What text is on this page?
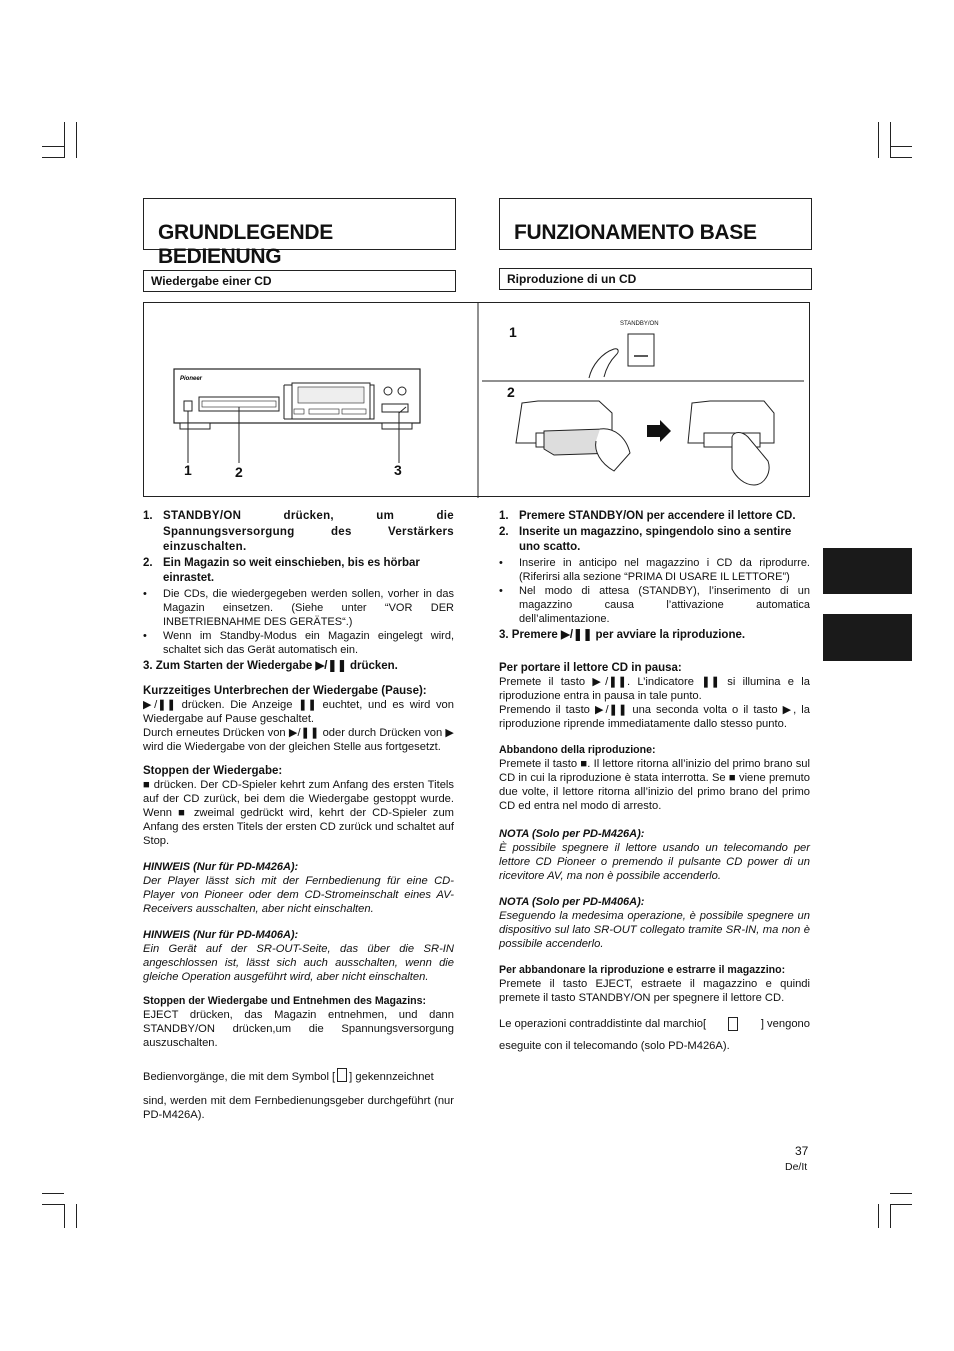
GRUNDLEGENDE BEDIENUNG
FUNZIONAMENTO BASE
Wiedergabe einer CD	Riproduzione di un CD
Pioneer
1	2	3
1
2
STANDBY/ON
1. STANDBY/ON drücken, um die Spannungsversorgung des Verstärkers einzuschalten.
2. Ein Magazin so weit einschieben, bis es hörbar einrastet.
•	Die CDs, die wiedergegeben werden sollen, vorher in das Magazin einsetzen. (Siehe unter “VOR DER INBETRIEBNAHME DES GERÄTES“.)
•	Wenn im Standby-Modus ein Magazin eingelegt wird, schaltet sich das Gerät automatisch ein.
3. Zum Starten der Wiedergabe ▶/❚❚ drücken.
Kurzzeitiges Unterbrechen der Wiedergabe (Pause):

▶/❚❚ drücken. Die Anzeige ❚❚ euchtet, und es wird von Wiedergabe auf Pause geschaltet.

Durch erneutes Drücken von ▶/❚❚ oder durch Drücken von ▶ wird die Wiedergabe von der gleichen Stelle aus fortgesetzt.

Stoppen der Wiedergabe:

■ drücken. Der CD-Spieler kehrt zum Anfang des ersten Titels auf der CD zurück, bei dem die Wiedergabe gestoppt wurde. Wenn ■ zweimal gedrückt wird, kehrt der CD-Spieler zum Anfang des ersten Titels der ersten CD zurück und schaltet auf Stop.

HINWEIS (Nur für PD-M426A):

Der Player lässt sich mit der Fernbedienung für eine CD-Player von Pioneer oder dem CD-Stromeinschalt eines AV-Receivers ausschalten, aber nicht einschalten.

HINWEIS (Nur für PD-M406A):

Ein Gerät auf der SR-OUT-Seite, das über die SR-IN angeschlossen ist, lässt sich auch ausschalten, wenn die gleiche Operation ausgeführt wird, aber nicht einschalten.

Stoppen der Wiedergabe und Entnehmen des Magazins:

EJECT drücken, das Magazin entnehmen, und dann STANDBY/ON drücken,um die Spannungsversorgung auszuschalten.

Bedienvorgänge, die mit dem Symbol [ ] gekennzeichnet

sind, werden mit dem Fernbedienungsgeber durchgeführt (nur PD-M426A).

1. Premere STANDBY/ON per accendere il lettore CD.
2. Inserite un magazzino, spingendolo sino a sentire uno scatto.
•	Inserire in anticipo nel magazzino i CD da riprodurre. (Riferirsi alla sezione “PRIMA DI USARE IL LETTORE”)
•	Nel modo di attesa (STANDBY), l’inserimento di un magazzino causa l’attivazione automatica dell’alimentazione.
3. Premere ▶/❚❚ per avviare la riproduzione.
Per portare il lettore CD in pausa:

Premete il tasto ▶/❚❚. L’indicatore ❚❚ si illumina e la riproduzione entra in pausa in tale punto.

Premendo il tasto ▶/❚❚ una seconda volta o il tasto ▶, la riproduzione riprende immediatamente dallo stesso punto.

Abbandono della riproduzione:

Premete il tasto ■. Il lettore ritorna all’inizio del primo brano sul CD in cui la riproduzione è stata interrotta. Se ■ viene premuto due volte, il lettore ritorna all’inizio del primo brano del primo CD ed entra nel modo di arresto.

NOTA (Solo per PD-M426A):

È possibile spegnere il lettore usando un telecomando per lettore CD Pioneer o premendo il pulsante CD power di un ricevitore AV, ma non è possibile accenderlo.

NOTA (Solo per PD-M406A):

Eseguendo la medesima operazione, è possibile spegnere un dispositivo sul lato SR-OUT collegato tramite SR-IN, ma non è possibile accenderlo.

Per abbandonare la riproduzione e estrarre il magazzino:

Premete il tasto EJECT, estraete il magazzino e quindi premete il tasto STANDBY/ON per spegnere il lettore CD.

Le operazioni contraddistinte dal marchio[	] vengono

eseguite con il telecomando (solo PD-M426A).

37
De/It
